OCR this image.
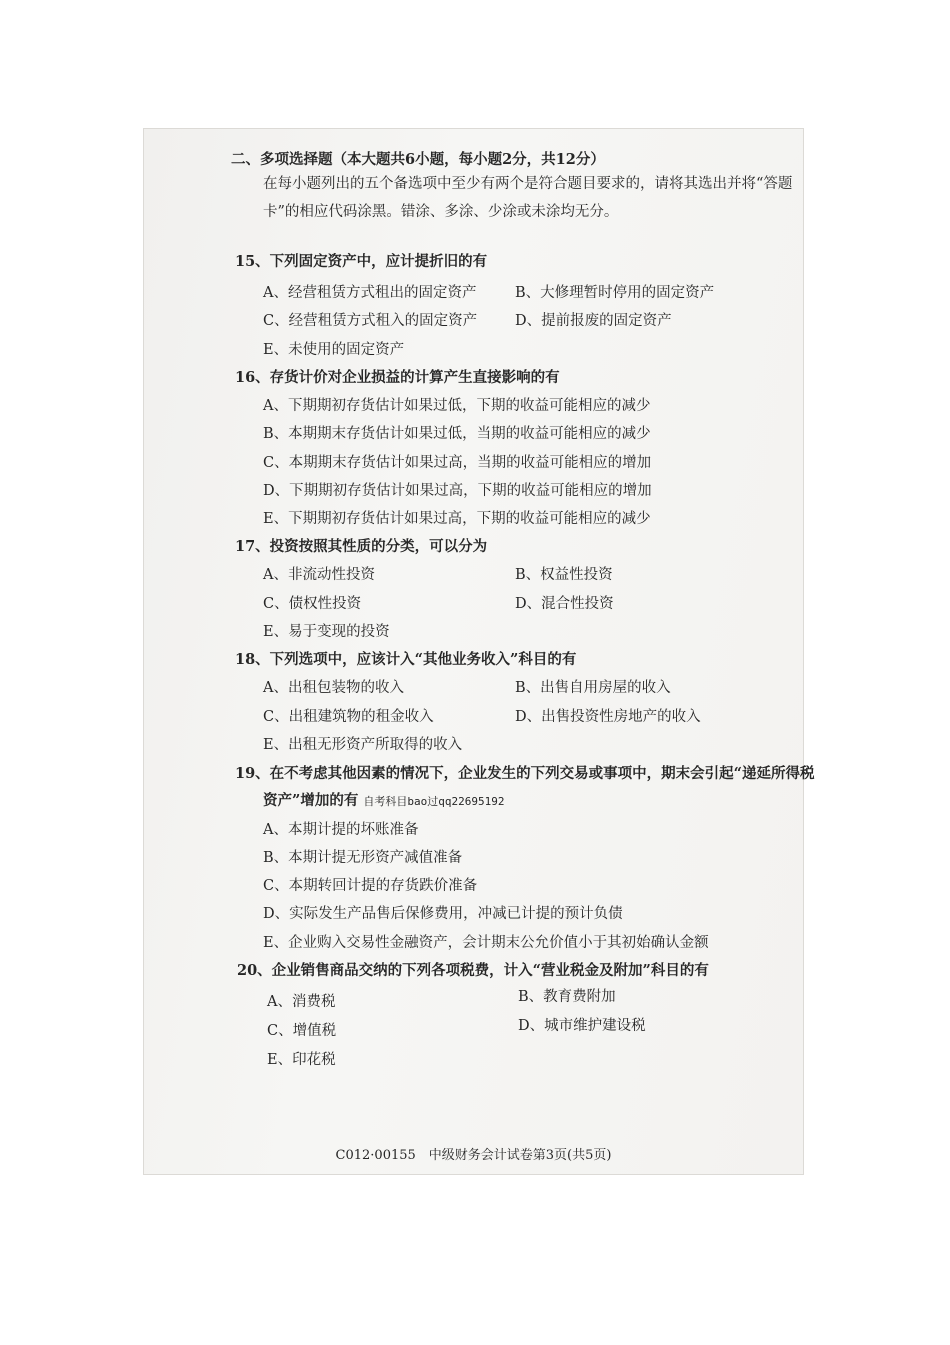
二、多项选择题（本大题共6小题，每小题2分，共12分）
在每小题列出的五个备选项中至少有两个是符合题目要求的，请将其选出并将“答题
卡”的相应代码涂黑。错涂、多涂、少涂或未涂均无分。
15、下列固定资产中，应计提折旧的有
A、经营租赁方式租出的固定资产	B、大修理暂时停用的固定资产
C、经营租赁方式租入的固定资产	D、提前报废的固定资产
E、未使用的固定资产
16、存货计价对企业损益的计算产生直接影响的有
A、下期期初存货估计如果过低，下期的收益可能相应的减少
B、本期期末存货估计如果过低，当期的收益可能相应的减少
C、本期期末存货估计如果过高，当期的收益可能相应的增加
D、下期期初存货估计如果过高，下期的收益可能相应的增加
E、下期期初存货估计如果过高，下期的收益可能相应的减少
17、投资按照其性质的分类，可以分为
A、非流动性投资	B、权益性投资
C、债权性投资	D、混合性投资
E、易于变现的投资
18、下列选项中，应该计入“其他业务收入”科目的有
A、出租包装物的收入	B、出售自用房屋的收入
C、出租建筑物的租金收入	D、出售投资性房地产的收入
E、出租无形资产所取得的收入
19、在不考虑其他因素的情况下，企业发生的下列交易或事项中，期末会引起“递延所得税
资产”增加的有 自考科目bao过qq22695192
A、本期计提的坏账准备
B、本期计提无形资产减值准备
C、本期转回计提的存货跌价准备
D、实际发生产品售后保修费用，冲减已计提的预计负债
E、企业购入交易性金融资产，会计期末公允价值小于其初始确认金额
20、企业销售商品交纳的下列各项税费，计入“营业税金及附加”科目的有
A、消费税	B、教育费附加
C、增值税	D、城市维护建设税
E、印花税
C012·00155　中级财务会计试卷第3页(共5页)
